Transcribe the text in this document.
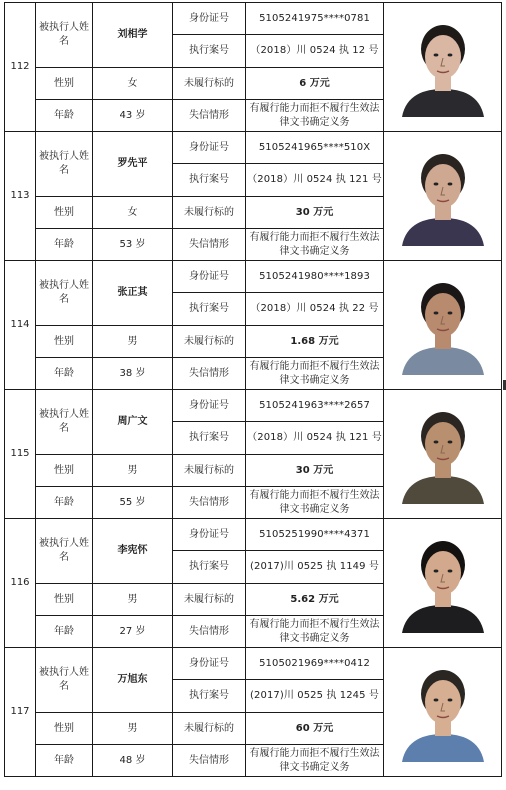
112	被执行人姓名	刘相学	身份证号	5105241975****0781	

			执行案号	（2018）川 0524 执 12 号	
	性别	女	未履行标的	6 万元	
	年龄	43 岁	失信情形	有履行能力而拒不履行生效法律文书确定义务	
113	被执行人姓名	罗先平	身份证号	5105241965****510X	

			执行案号	（2018）川 0524 执 121 号	
	性别	女	未履行标的	30 万元	
	年龄	53 岁	失信情形	有履行能力而拒不履行生效法律文书确定义务	
114	被执行人姓名	张正其	身份证号	5105241980****1893	

			执行案号	（2018）川 0524 执 22 号	
	性别	男	未履行标的	1.68 万元	
	年龄	38 岁	失信情形	有履行能力而拒不履行生效法律文书确定义务	
115	被执行人姓名	周广文	身份证号	5105241963****2657	

			执行案号	（2018）川 0524 执 121 号	
	性别	男	未履行标的	30 万元	
	年龄	55 岁	失信情形	有履行能力而拒不履行生效法律文书确定义务	
116	被执行人姓名	李宪怀	身份证号	5105251990****4371	

			执行案号	(2017)川 0525 执 1149 号	
	性别	男	未履行标的	5.62 万元	
	年龄	27 岁	失信情形	有履行能力而拒不履行生效法律文书确定义务	
117	被执行人姓名	万旭东	身份证号	5105021969****0412	

			执行案号	(2017)川 0525 执 1245 号	
	性别	男	未履行标的	60 万元	
	年龄	48 岁	失信情形	有履行能力而拒不履行生效法律文书确定义务	
